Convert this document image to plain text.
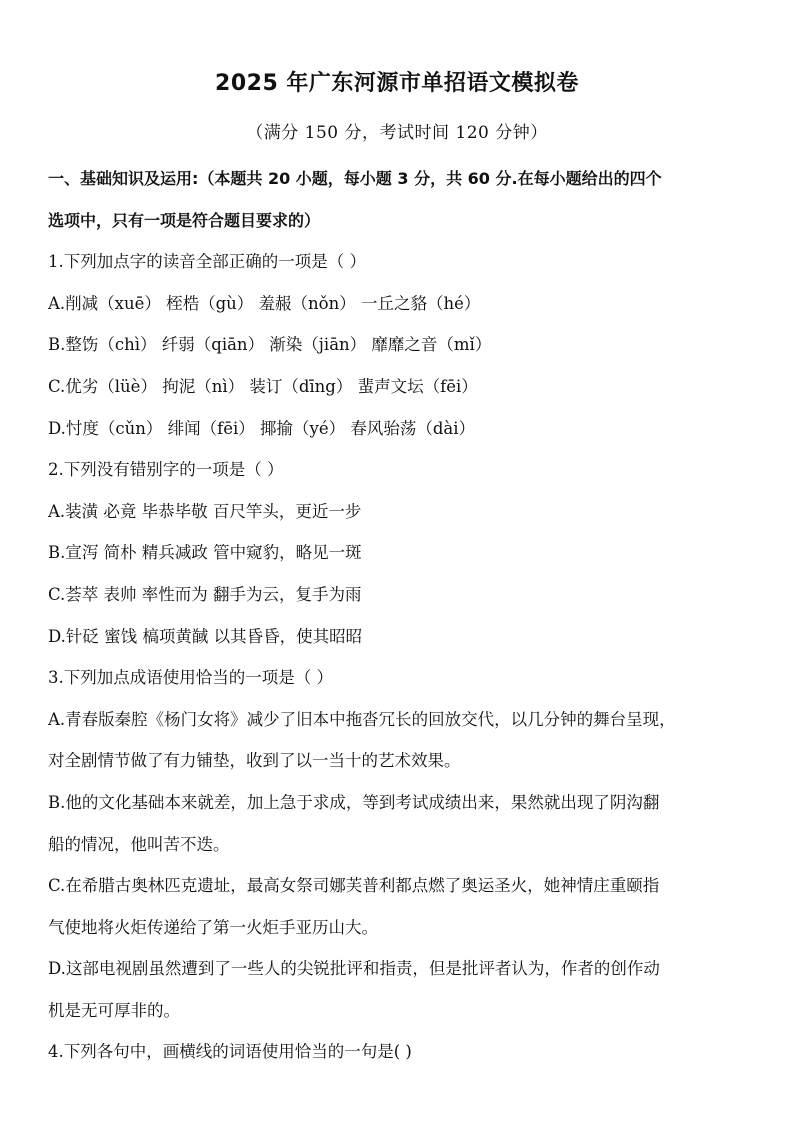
2025 年广东河源市单招语文模拟卷
（满分 150 分，考试时间 120 分钟）
一、基础知识及运用:（本题共 20 小题，每小题 3 分，共 60 分.在每小题给出的四个
选项中，只有一项是符合题目要求的）
1.下列加点字的读音全部正确的一项是（ ）
A.削减（xuē） 桎梏（gù） 羞赧（nǒn） 一丘之貉（hé）
B.整饬（chì） 纤弱（qiān） 渐染（jiān） 靡靡之音（mǐ）
C.优劣（lüè） 拘泥（nì） 装订（dīng） 蜚声文坛（fēi）
D.忖度（cǔn） 绯闻（fēi） 揶揄（yé） 春风骀荡（dài）
2.下列没有错别字的一项是（ ）
A.装潢 必竟 毕恭毕敬 百尺竿头，更近一步
B.宣泻 简朴 精兵减政 管中窥豹，略见一斑
C.荟萃 表帅 率性而为 翻手为云，复手为雨
D.针砭 蜜饯 槁项黄馘 以其昏昏，使其昭昭
3.下列加点成语使用恰当的一项是（ ）
A.青春版秦腔《杨门女将》减少了旧本中拖沓冗长的回放交代，以几分钟的舞台呈现，
对全剧情节做了有力铺垫，收到了以一当十的艺术效果。
B.他的文化基础本来就差，加上急于求成，等到考试成绩出来，果然就出现了阴沟翻
船的情况，他叫苦不迭。
C.在希腊古奥林匹克遗址，最高女祭司娜芙普利都点燃了奥运圣火，她神情庄重颐指
气使地将火炬传递给了第一火炬手亚历山大。
D.这部电视剧虽然遭到了一些人的尖锐批评和指责，但是批评者认为，作者的创作动
机是无可厚非的。
4.下列各句中，画横线的词语使用恰当的一句是( )
